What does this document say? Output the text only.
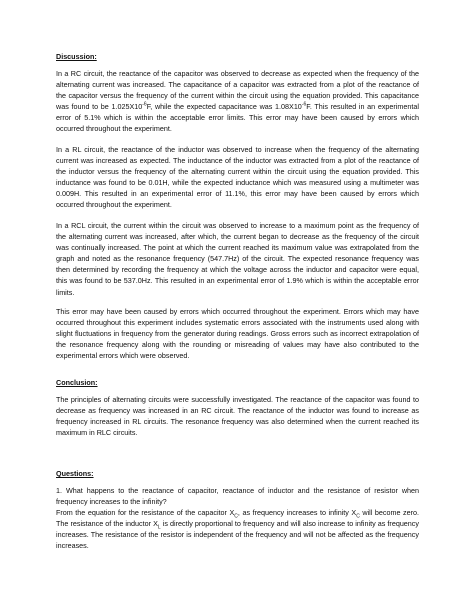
Discussion:
In a RC circuit, the reactance of the capacitor was observed to decrease as expected when the frequency of the alternating current was increased. The capacitance of a capacitor was extracted from a plot of the reactance of the capacitor versus the frequency of the current within the circuit using the equation provided. This capacitance was found to be $1.025X10^{-6}F$, while the expected capacitance was $1.08X10^{-6}F$. This resulted in an experimental error of 5.1% which is within the acceptable error limits. This error may have been caused by errors which occurred throughout the experiment.
In a RL circuit, the reactance of the inductor was observed to increase when the frequency of the alternating current was increased as expected. The inductance of the inductor was extracted from a plot of the reactance of the inductor versus the frequency of the alternating current within the circuit using the equation provided. This inductance was found to be 0.01H, while the expected inductance which was measured using a multimeter was 0.009H. This resulted in an experimental error of 11.1%, this error may have been caused by errors which occurred throughout the experiment.
In a RCL circuit, the current within the circuit was observed to increase to a maximum point as the frequency of the alternating current was increased, after which, the current began to decrease as the frequency of the circuit was continually increased. The point at which the current reached its maximum value was extrapolated from the graph and noted as the resonance frequency (547.7Hz) of the circuit. The expected resonance frequency was then determined by recording the frequency at which the voltage across the inductor and capacitor were equal, this was found to be 537.0Hz. This resulted in an experimental error of 1.9% which is within the acceptable error limits.
This error may have been caused by errors which occurred throughout the experiment. Errors which may have occurred throughout this experiment includes systematic errors associated with the instruments used along with slight fluctuations in frequency from the generator during readings. Gross errors such as incorrect extrapolation of the resonance frequency along with the rounding or misreading of values may have also contributed to the experimental errors which were observed.
Conclusion:
The principles of alternating circuits were successfully investigated. The reactance of the capacitor was found to decrease as frequency was increased in an RC circuit. The reactance of the inductor was found to increase as frequency increased in RL circuits. The resonance frequency was also determined when the current reached its maximum in RLC circuits.
Questions:
1. What happens to the reactance of capacitor, reactance of inductor and the resistance of resistor when frequency increases to the infinity?
From the equation for the resistance of the capacitor $X_C$, as frequency increases to infinity $X_C$ will become zero. The resistance of the inductor $X_L$ is directly proportional to frequency and will also increase to infinity as frequency increases. The resistance of the resistor is independent of the frequency and will not be affected as the frequency increases.
